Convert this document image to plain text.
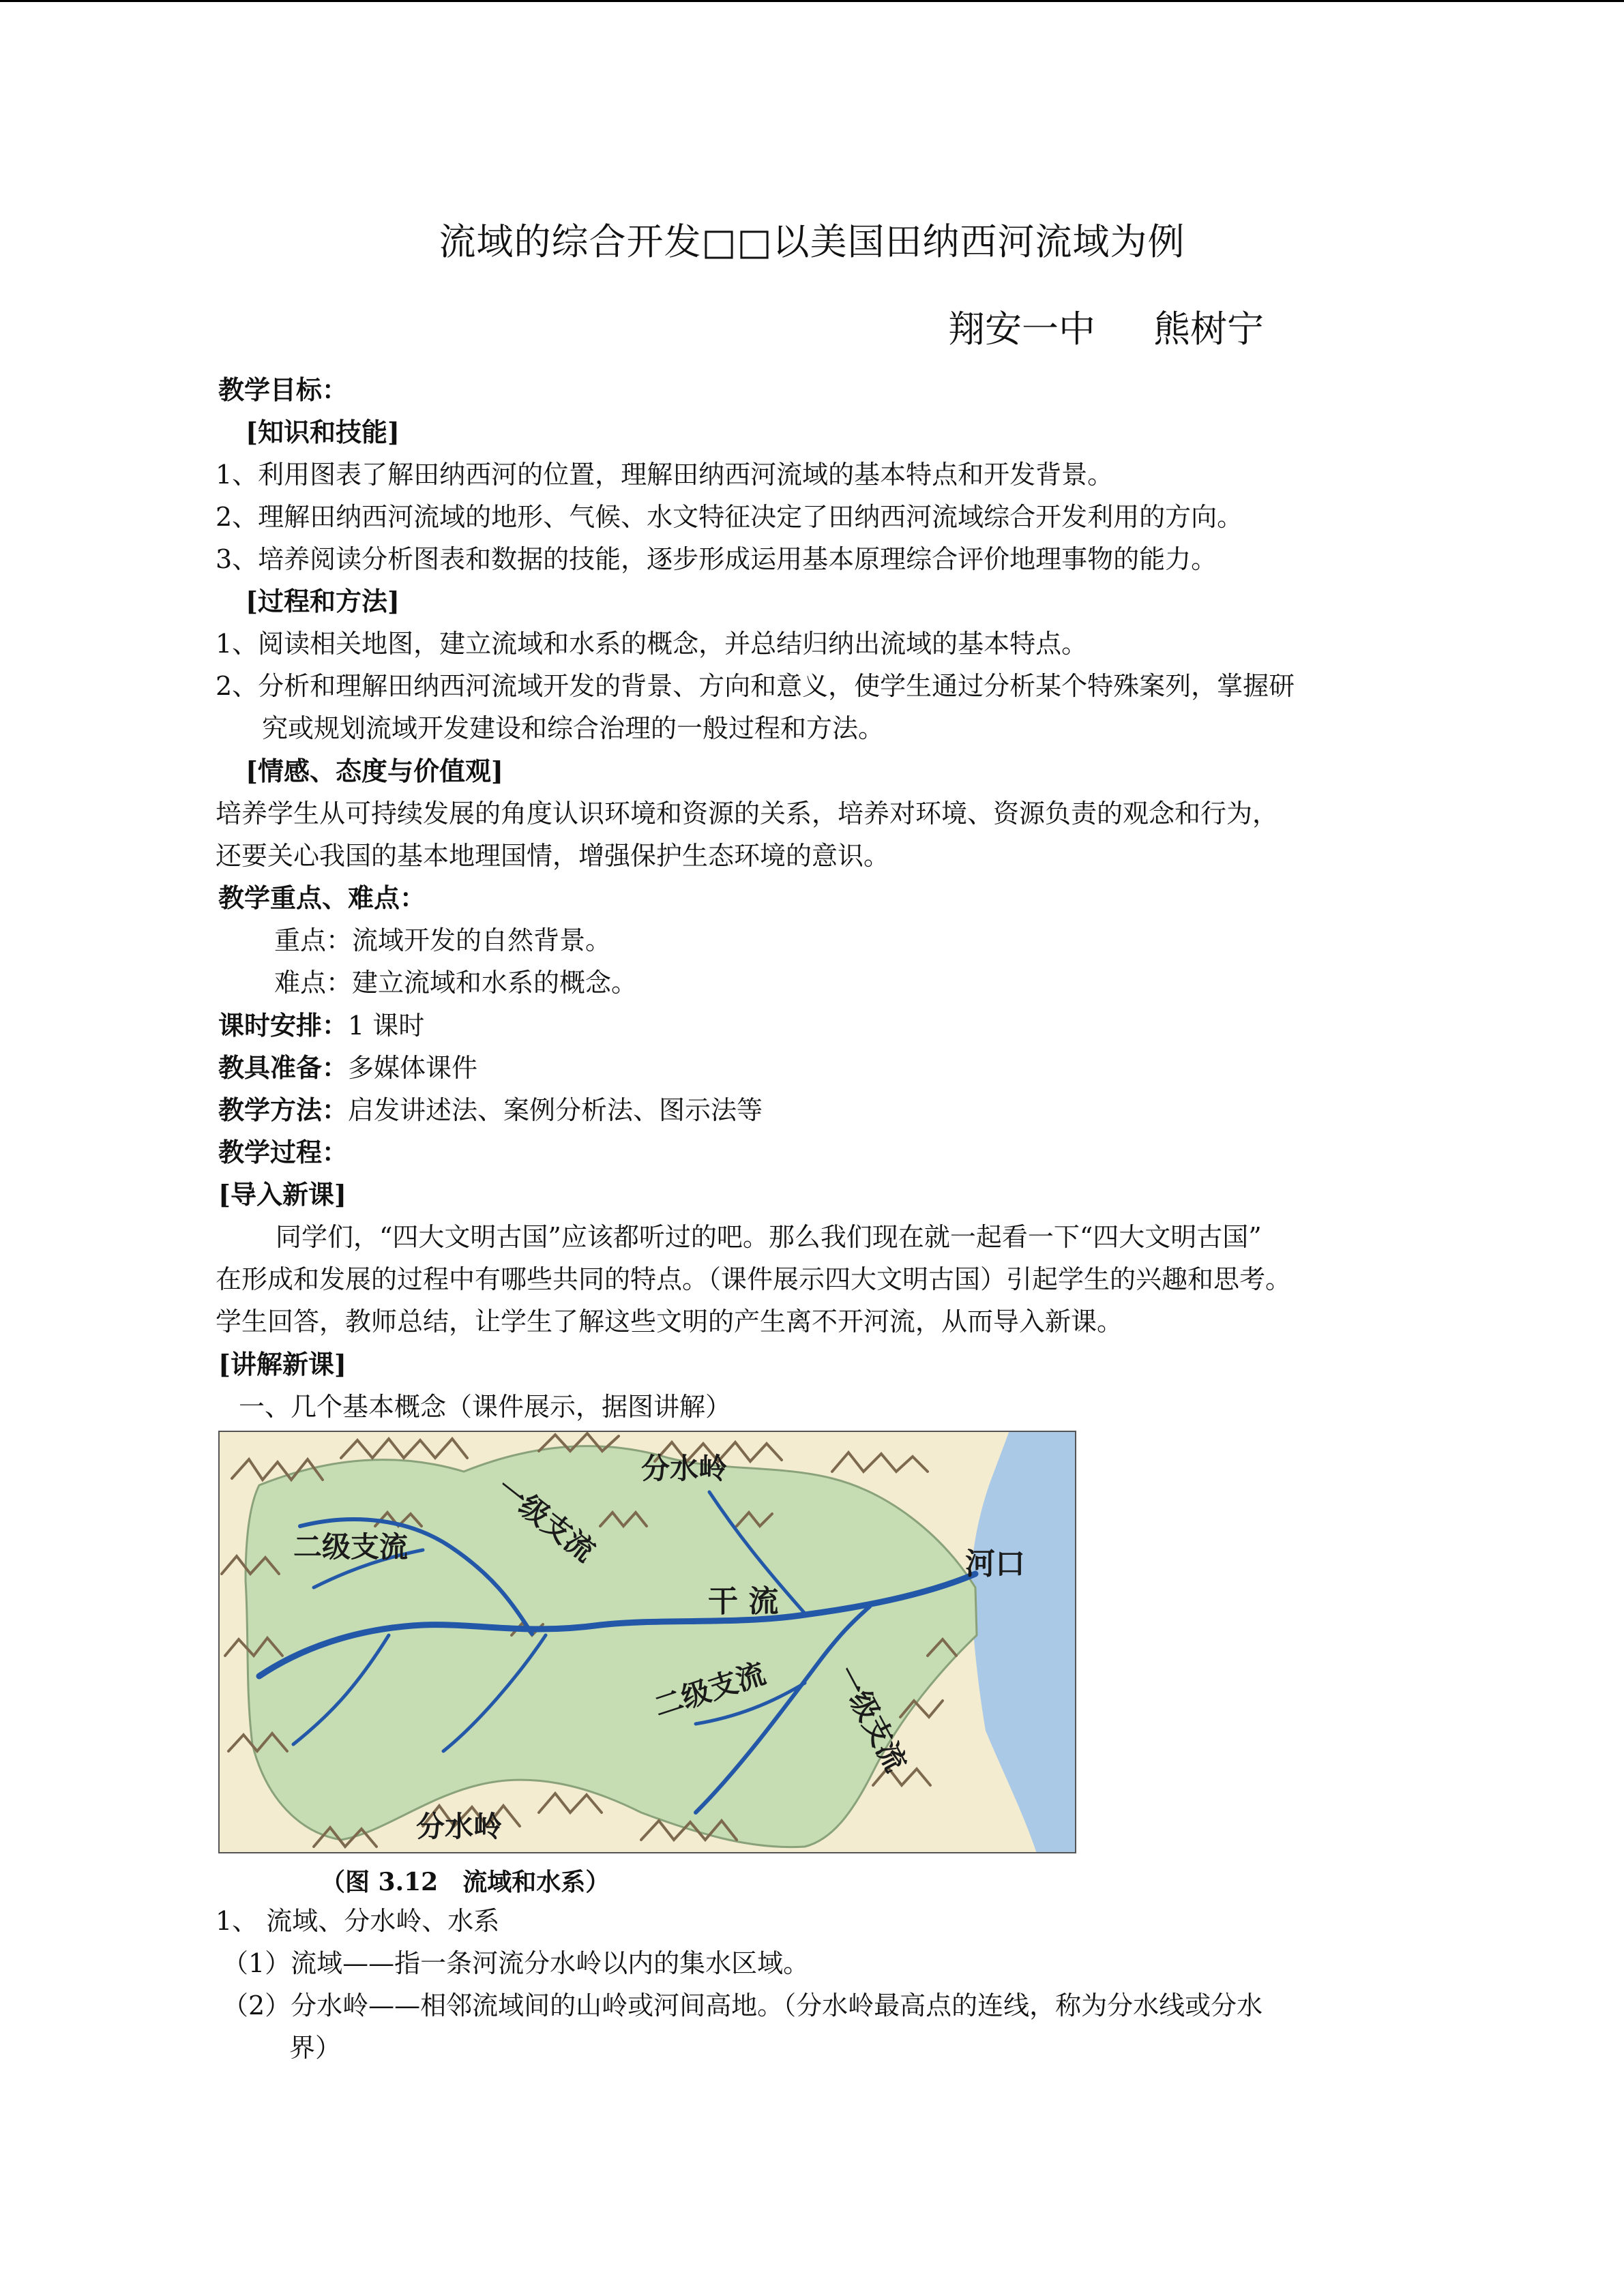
流域的综合开发□□以美国田纳西河流域为例
翔安一中 熊树宁
教学目标：
[知识和技能]
1、利用图表了解田纳西河的位置，理解田纳西河流域的基本特点和开发背景。
2、理解田纳西河流域的地形、气候、水文特征决定了田纳西河流域综合开发利用的方向。
3、培养阅读分析图表和数据的技能，逐步形成运用基本原理综合评价地理事物的能力。
[过程和方法]
1、阅读相关地图，建立流域和水系的概念，并总结归纳出流域的基本特点。
2、分析和理解田纳西河流域开发的背景、方向和意义，使学生通过分析某个特殊案列，掌握研
究或规划流域开发建设和综合治理的一般过程和方法。
[情感、态度与价值观]
培养学生从可持续发展的角度认识环境和资源的关系，培养对环境、资源负责的观念和行为，
还要关心我国的基本地理国情，增强保护生态环境的意识。
教学重点、难点：
重点：流域开发的自然背景。
难点：建立流域和水系的概念。
课时安排：1 课时
教具准备：多媒体课件
教学方法：启发讲述法、案例分析法、图示法等
教学过程：
[导入新课]
同学们，“四大文明古国”应该都听过的吧。那么我们现在就一起看一下“四大文明古国”
在形成和发展的过程中有哪些共同的特点。（课件展示四大文明古国）引起学生的兴趣和思考。
学生回答，教师总结，让学生了解这些文明的产生离不开河流，从而导入新课。
[讲解新课]
一、几个基本概念（课件展示，据图讲解）
分水岭
二级支流	一级支流
干 流
河口
二级支流 一级支流
分水岭
（图 3.12　流域和水系）
1、 流域、分水岭、水系
（1）流域——指一条河流分水岭以内的集水区域。
（2）分水岭——相邻流域间的山岭或河间高地。（分水岭最高点的连线，称为分水线或分水
界）
